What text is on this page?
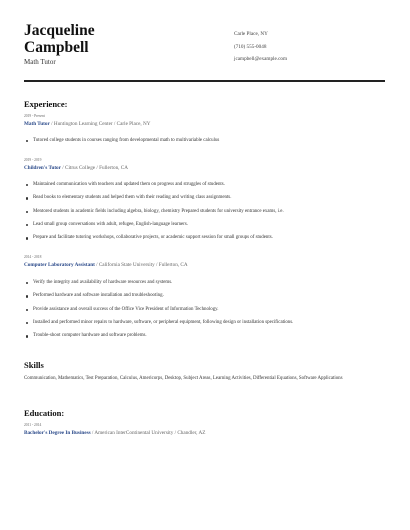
Jacqueline
Campbell
Math Tutor
Carle Place, NY
(710) 555-0048
jcampbell@example.com
Experience:
2019 - Present
Math Tutor / Huntington Learning Center / Carle Place, NY
Tutored college students in courses ranging from developmental math to multivariable calculus
2019 - 2019
Children's Tutor / Citrus College / Fullerton, CA
Maintained communication with teachers and updated them on progress and struggles of students.
Read books to elementary students and helped them with their reading and writing class assignments.
Mentored students in academic fields including algebra, biology, chemistry Prepared students for university entrance exams, i.e.
Lead small group conversations with adult, refugee, English-language learners.
Prepare and facilitate tutoring workshops, collaborative projects, or academic support session for small groups of students.
2014 - 2018
Computer Laboratory Assistant / California State University / Fullerton, CA
Verify the integrity and availability of hardware resources and systems.
Performed hardware and software installation and troubleshooting.
Provide assistance and overall success of the Office Vice President of Information Technology.
Installed and performed minor repairs to hardware, software, or peripheral equipment, following design or installation specifications.
Trouble-shoot computer hardware and software problems.
Skills
Communication, Mathematics, Test Preparation, Calculus, Americorps, Desktop, Subject Areas, Learning Activities, Differential Equations, Software Applications
Education:
2011 - 2014
Bachelor's Degree In Business / American InterContinental University / Chandler, AZ
